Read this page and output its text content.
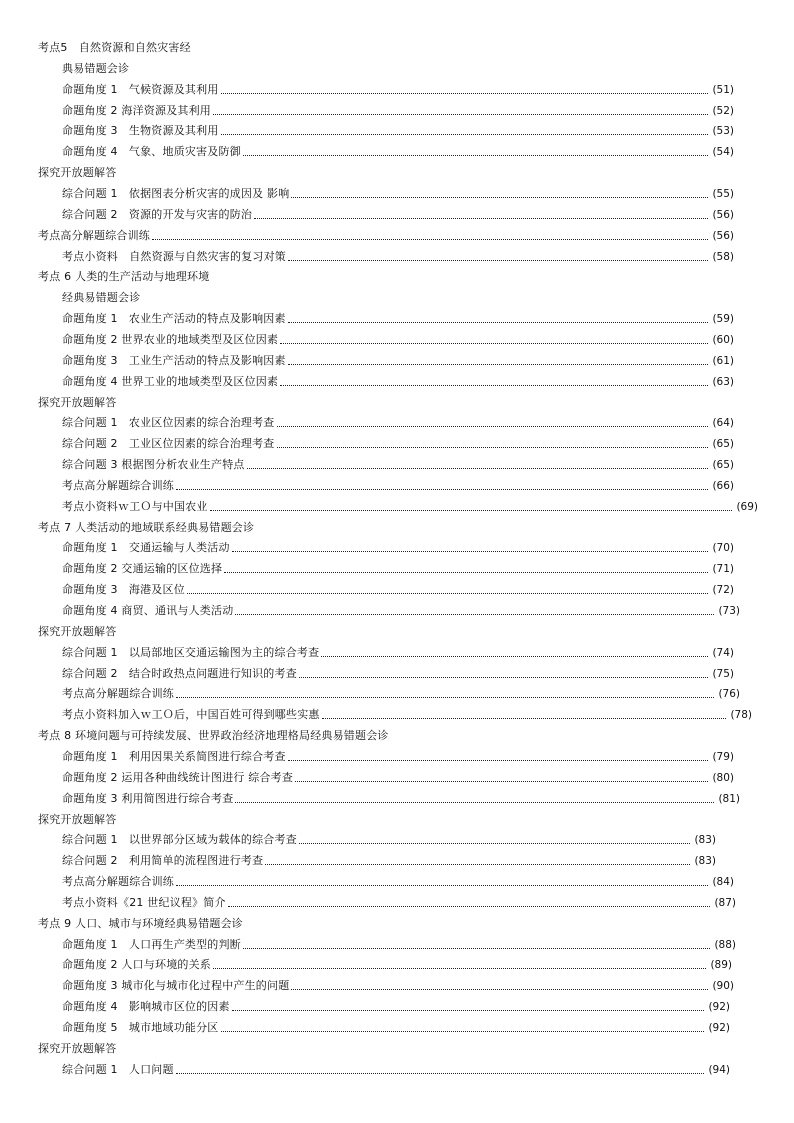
考点5　自然资源和自然灾害经
典易错题会诊
命题角度 1　气候资源及其利用	(51)
命题角度 2 海洋资源及其利用	(52)
命题角度 3　生物资源及其利用	(53)
命题角度 4　气象、地质灾害及防御	(54)
探究开放题解答
综合问题 1　依据图表分析灾害的成因及 影响	(55)
综合问题 2　资源的开发与灾害的防治	(56)
考点高分解题综合训练	(56)
考点小资料　自然资源与自然灾害的复习对策	(58)
考点 6 人类的生产活动与地理环境
经典易错题会诊
命题角度 1　农业生产活动的特点及影响因素	(59)
命题角度 2 世界农业的地域类型及区位因素	(60)
命题角度 3　工业生产活动的特点及影响因素	(61)
命题角度 4 世界工业的地域类型及区位因素	(63)
探究开放题解答
综合问题 1　农业区位因素的综合治理考查	(64)
综合问题 2　工业区位因素的综合治理考查	(65)
综合问题 3 根据图分析农业生产特点	(65)
考点高分解题综合训练	(66)
考点小资料ｗ工Ｏ与中国农业	(69)
考点 7 人类活动的地域联系经典易错题会诊
命题角度 1　交通运输与人类活动	(70)
命题角度 2 交通运输的区位选择	(71)
命题角度 3　海港及区位	(72)
命题角度 4 商贸、通讯与人类活动	(73)
探究开放题解答
综合问题 1　以局部地区交通运输图为主的综合考查	(74)
综合问题 2　结合时政热点问题进行知识的考查	(75)
考点高分解题综合训练	(76)
考点小资料加入ｗ工Ｏ后，中国百姓可得到哪些实惠	(78)
考点 8 环境问题与可持续发展、世界政治经济地理格局经典易错题会诊
命题角度 1　利用因果关系简图进行综合考查	(79)
命题角度 2 运用各种曲线统计图进行 综合考查	(80)
命题角度 3 利用简图进行综合考查	(81)
探究开放题解答
综合问题 1　以世界部分区域为载体的综合考查	(83)
综合问题 2　利用简单的流程图进行考查	(83)
考点高分解题综合训练	(84)
考点小资料《21 世纪议程》简介	(87)
考点 9 人口、城市与环境经典易错题会诊
命题角度 1　人口再生产类型的判断	(88)
命题角度 2 人口与环境的关系	(89)
命题角度 3 城市化与城市化过程中产生的问题	(90)
命题角度 4　影响城市区位的因素	(92)
命题角度 5　城市地域功能分区	(92)
探究开放题解答
综合问题 1　人口问题	(94)
